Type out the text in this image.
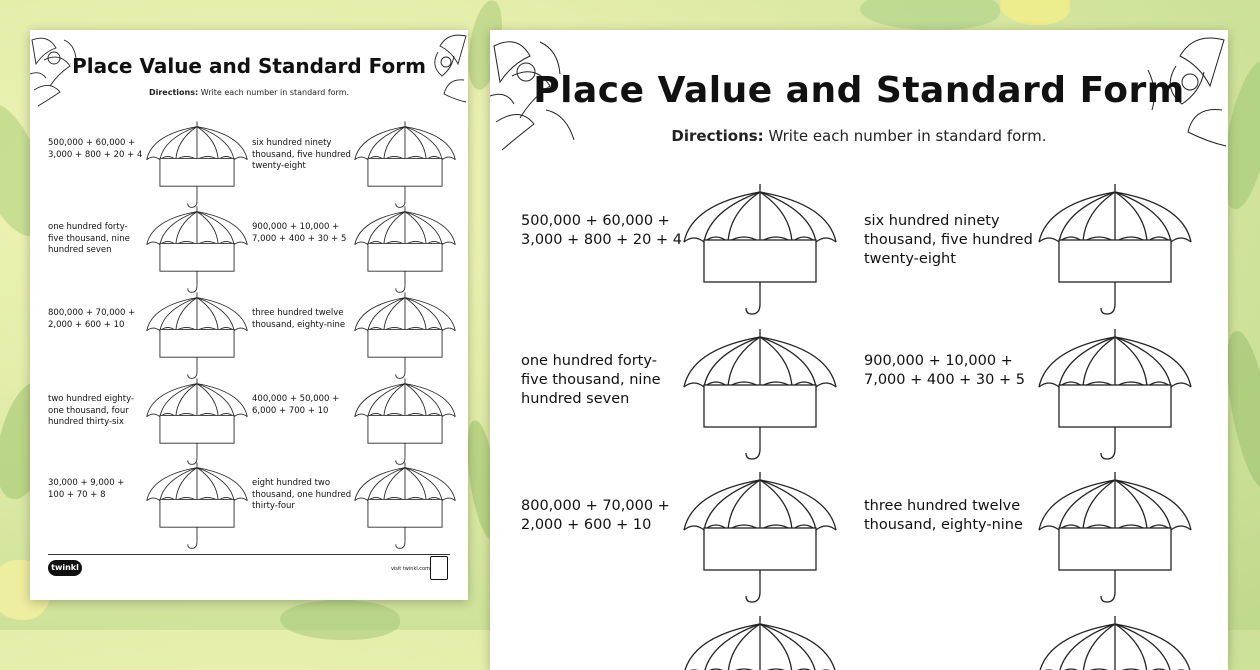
Place Value and Standard Form
Directions: Write each number in standard form.
500,000 + 60,000 +
3,000 + 800 + 20 + 4
six hundred ninety
thousand, five hundred
twenty-eight
one hundred forty-
five thousand, nine
hundred seven
900,000 + 10,000 +
7,000 + 400 + 30 + 5
800,000 + 70,000 +
2,000 + 600 + 10
three hundred twelve
thousand, eighty-nine
two hundred eighty-
one thousand, four
hundred thirty-six
400,000 + 50,000 +
6,000 + 700 + 10
30,000 + 9,000 +
100 + 70 + 8
eight hundred two
thousand, one hundred
thirty-four
twinkl	visit twinkl.com
Place Value and Standard Form
Directions: Write each number in standard form.
500,000 + 60,000 +
3,000 + 800 + 20 + 4
six hundred ninety
thousand, five hundred
twenty-eight
one hundred forty-
five thousand, nine
hundred seven
900,000 + 10,000 +
7,000 + 400 + 30 + 5
800,000 + 70,000 +
2,000 + 600 + 10
three hundred twelve
thousand, eighty-nine
